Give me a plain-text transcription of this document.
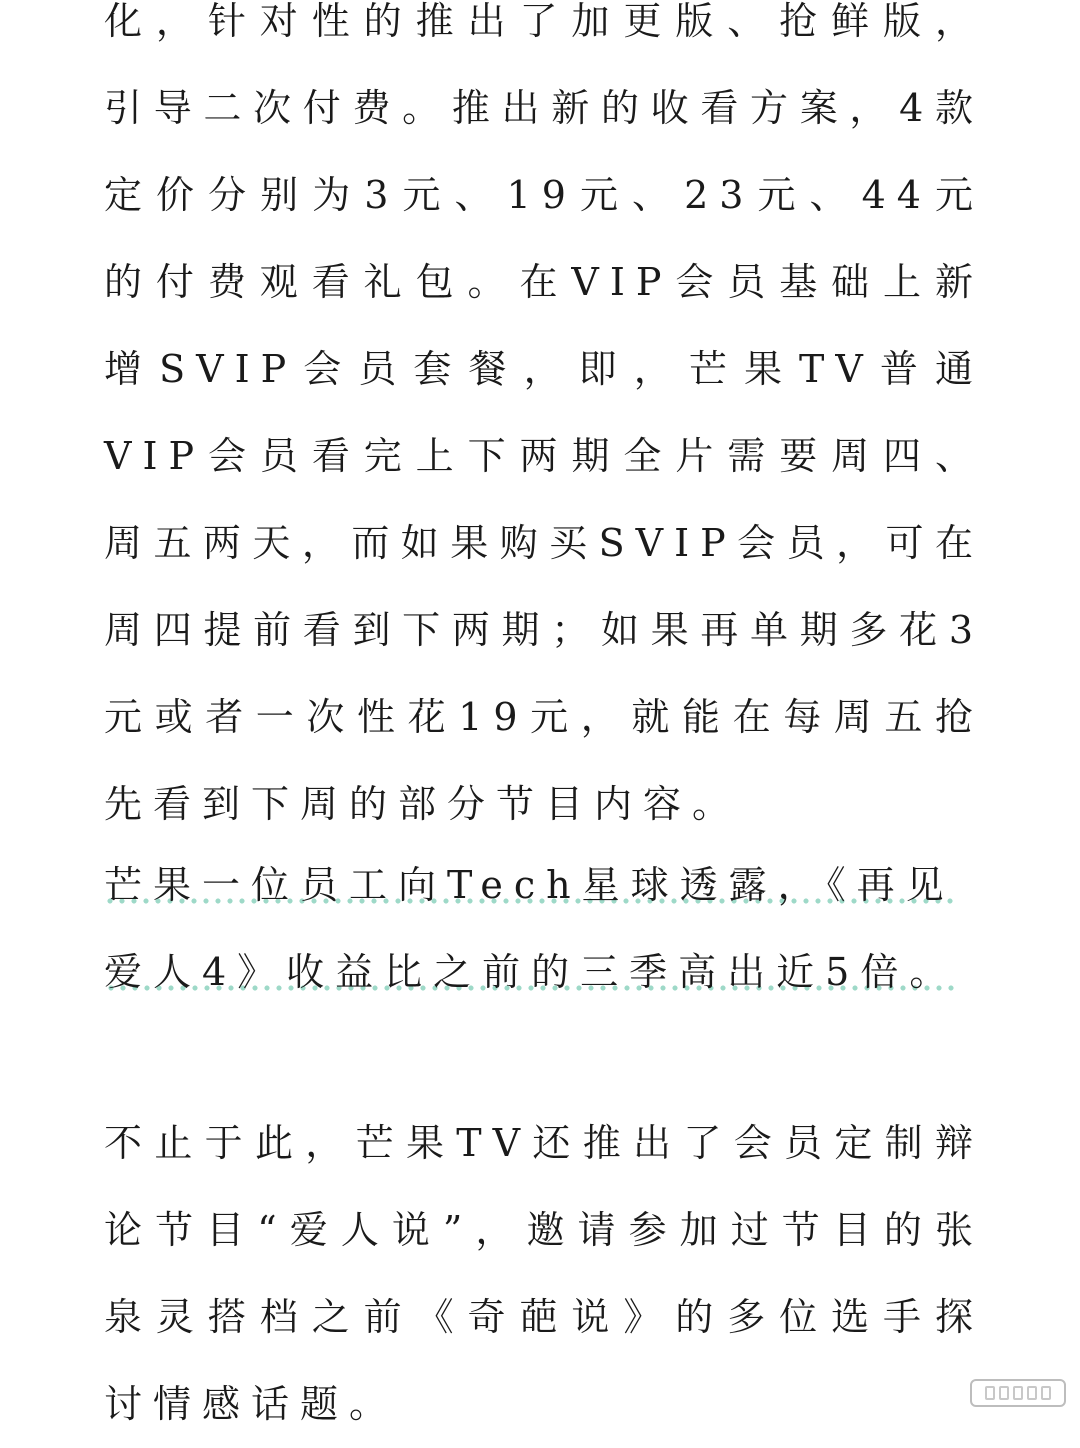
化，针对性的推出了加更版、抢鲜版，引导二次付费。推出新的收看方案，4款定价分别为3元、19元、23元、44元的付费观看礼包。在VIP会员基础上新增SVIP会员套餐，即，芒果TV普通VIP会员看完上下两期全片需要周四、周五两天，而如果购买SVIP会员，可在周四提前看到下两期；如果再单期多花3元或者一次性花19元，就能在每周五抢先看到下周的部分节目内容。

芒果一位员工向Tech星球透露，《再见爱人4》收益比之前的三季高出近5倍。

不止于此，芒果TV还推出了会员定制辩论节目“爱人说”，邀请参加过节目的张泉灵搭档之前《奇葩说》的多位选手探讨情感话题。
